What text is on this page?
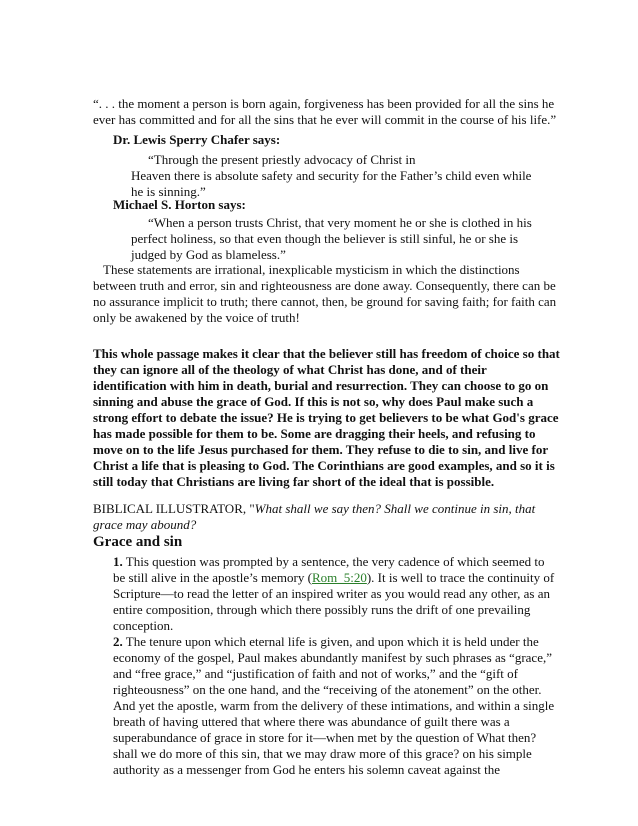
“. . . the moment a person is born again, forgiveness has been provided for all the sins he
ever has committed and for all the sins that he ever will commit in the course of his life.”
Dr. Lewis Sperry Chafer says:
“Through the present priestly advocacy of Christ in
Heaven there is absolute safety and security for the Father’s child even while
he is sinning.”
Michael S. Horton says:
“When a person trusts Christ, that very moment he or she is clothed in his
perfect holiness, so that even though the believer is still sinful, he or she is
judged by God as blameless.”
These statements are irrational, inexplicable mysticism in which the distinctions
between truth and error, sin and righteousness are done away. Consequently, there can be
no assurance implicit to truth; there cannot, then, be ground for saving faith; for faith can
only be awakened by the voice of truth!
This whole passage makes it clear that the believer still has freedom of choice so that
they can ignore all of the theology of what Christ has done, and of their
identification with him in death, burial and resurrection. They can choose to go on
sinning and abuse the grace of God. If this is not so, why does Paul make such a
strong effort to debate the issue? He is trying to get believers to be what God's grace
has made possible for them to be. Some are dragging their heels, and refusing to
move on to the life Jesus purchased for them. They refuse to die to sin, and live for
Christ a life that is pleasing to God. The Corinthians are good examples, and so it is
still today that Christians are living far short of the ideal that is possible.
BIBLICAL ILLUSTRATOR, "What shall we say then? Shall we continue in sin, that
grace may abound?
Grace and sin
1. This question was prompted by a sentence, the very cadence of which seemed to
be still alive in the apostle’s memory (Rom_5:20). It is well to trace the continuity of
Scripture—to read the letter of an inspired writer as you would read any other, as an
entire composition, through which there possibly runs the drift of one prevailing
conception.
2. The tenure upon which eternal life is given, and upon which it is held under the
economy of the gospel, Paul makes abundantly manifest by such phrases as “grace,”
and “free grace,” and “justification of faith and not of works,” and the “gift of
righteousness” on the one hand, and the “receiving of the atonement” on the other.
And yet the apostle, warm from the delivery of these intimations, and within a single
breath of having uttered that where there was abundance of guilt there was a
superabundance of grace in store for it—when met by the question of What then?
shall we do more of this sin, that we may draw more of this grace? on his simple
authority as a messenger from God he enters his solemn caveat against the
